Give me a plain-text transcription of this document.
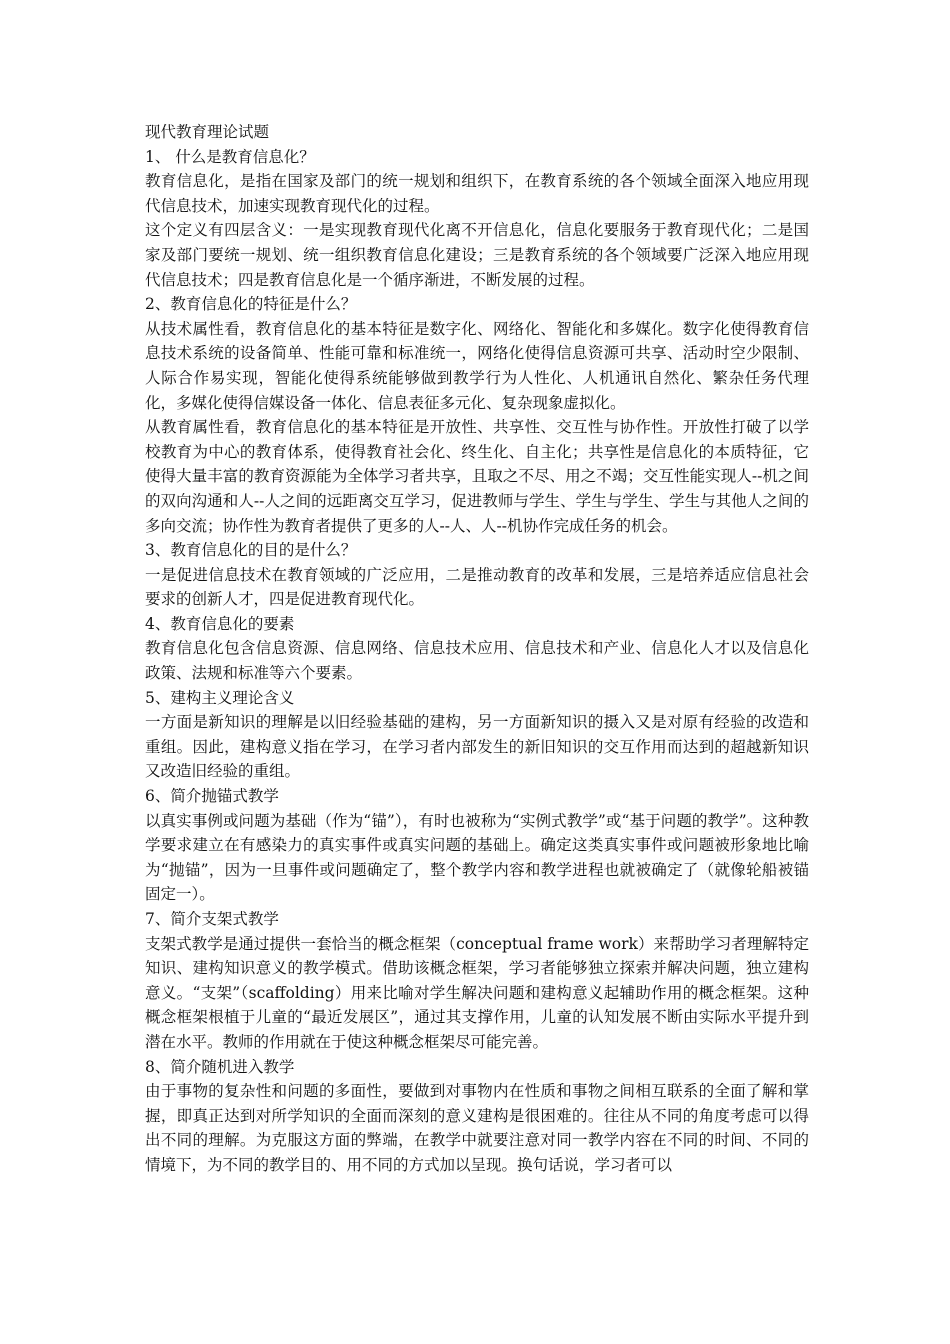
现代教育理论试题

1、 什么是教育信息化？

教育信息化，是指在国家及部门的统一规划和组织下，在教育系统的各个领域全面深入地应用现代信息技术，加速实现教育现代化的过程。

这个定义有四层含义：一是实现教育现代化离不开信息化，信息化要服务于教育现代化；二是国家及部门要统一规划、统一组织教育信息化建设；三是教育系统的各个领域要广泛深入地应用现代信息技术；四是教育信息化是一个循序渐进，不断发展的过程。

2、教育信息化的特征是什么？

从技术属性看，教育信息化的基本特征是数字化、网络化、智能化和多媒化。数字化使得教育信息技术系统的设备简单、性能可靠和标准统一，网络化使得信息资源可共享、活动时空少限制、人际合作易实现，智能化使得系统能够做到教学行为人性化、人机通讯自然化、繁杂任务代理化，多媒化使得信媒设备一体化、信息表征多元化、复杂现象虚拟化。

从教育属性看，教育信息化的基本特征是开放性、共享性、交互性与协作性。开放性打破了以学校教育为中心的教育体系，使得教育社会化、终生化、自主化；共享性是信息化的本质特征，它使得大量丰富的教育资源能为全体学习者共享，且取之不尽、用之不竭；交互性能实现人--机之间的双向沟通和人--人之间的远距离交互学习，促进教师与学生、学生与学生、学生与其他人之间的多向交流；协作性为教育者提供了更多的人--人、人--机协作完成任务的机会。

3、教育信息化的目的是什么？

一是促进信息技术在教育领域的广泛应用，二是推动教育的改革和发展，三是培养适应信息社会要求的创新人才，四是促进教育现代化。

4、教育信息化的要素

教育信息化包含信息资源、信息网络、信息技术应用、信息技术和产业、信息化人才以及信息化政策、法规和标准等六个要素。

5、建构主义理论含义

一方面是新知识的理解是以旧经验基础的建构，另一方面新知识的摄入又是对原有经验的改造和重组。因此，建构意义指在学习，在学习者内部发生的新旧知识的交互作用而达到的超越新知识又改造旧经验的重组。

6、简介抛锚式教学

以真实事例或问题为基础（作为“锚”），有时也被称为“实例式教学”或“基于问题的教学”。这种教学要求建立在有感染力的真实事件或真实问题的基础上。确定这类真实事件或问题被形象地比喻为“抛锚”，因为一旦事件或问题确定了，整个教学内容和教学进程也就被确定了（就像轮船被锚固定一）。

7、简介支架式教学

支架式教学是通过提供一套恰当的概念框架（conceptual frame work）来帮助学习者理解特定知识、建构知识意义的教学模式。借助该概念框架，学习者能够独立探索并解决问题，独立建构意义。“支架”（scaffolding）用来比喻对学生解决问题和建构意义起辅助作用的概念框架。这种概念框架根植于儿童的“最近发展区”，通过其支撑作用，儿童的认知发展不断由实际水平提升到潜在水平。教师的作用就在于使这种概念框架尽可能完善。

8、简介随机进入教学

由于事物的复杂性和问题的多面性，要做到对事物内在性质和事物之间相互联系的全面了解和掌握，即真正达到对所学知识的全面而深刻的意义建构是很困难的。往往从不同的角度考虑可以得出不同的理解。为克服这方面的弊端，在教学中就要注意对同一教学内容在不同的时间、不同的情境下，为不同的教学目的、用不同的方式加以呈现。换句话说，学习者可以
